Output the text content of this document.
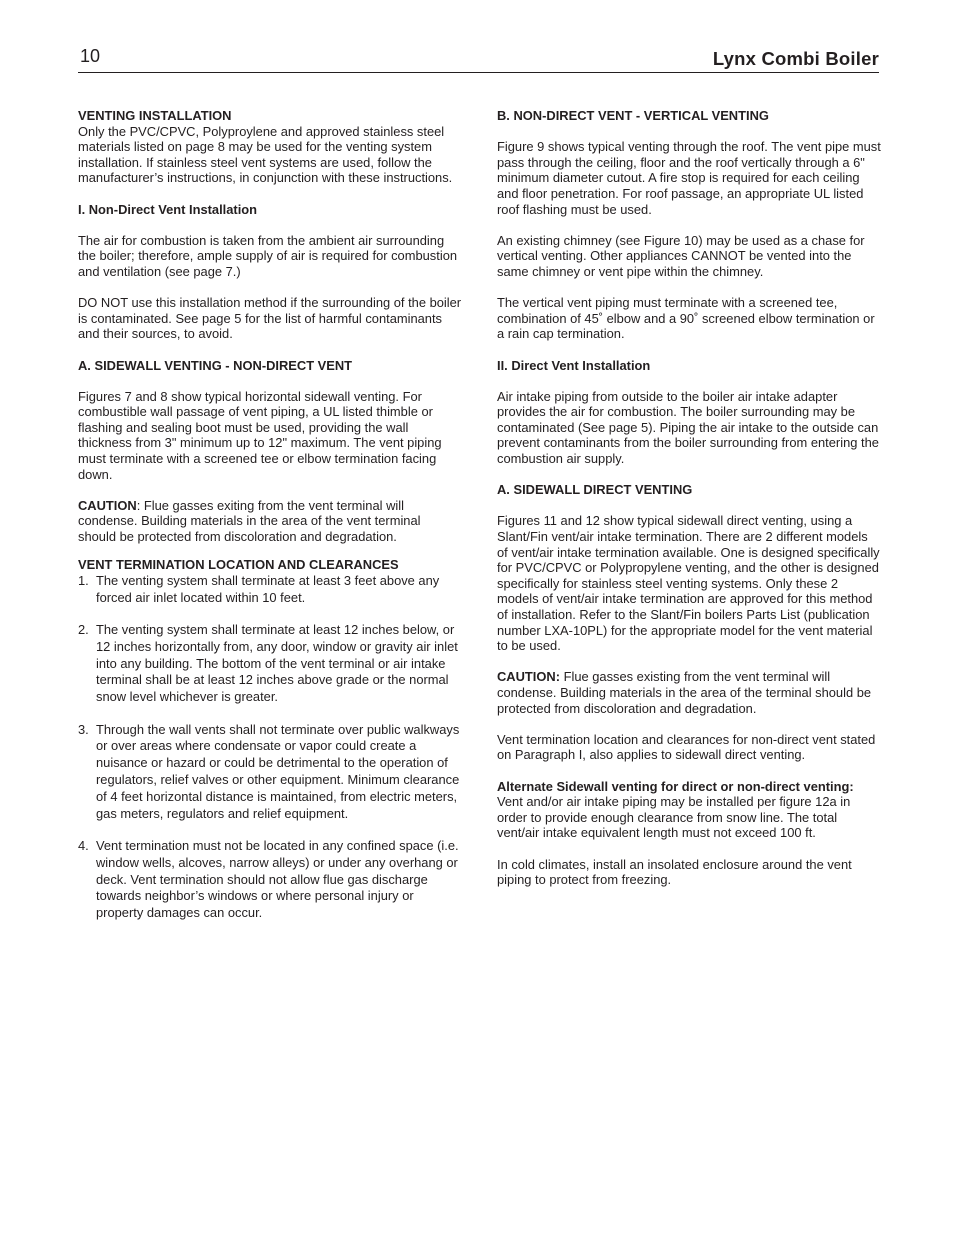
10	Lynx Combi Boiler
VENTING INSTALLATION

Only the PVC/CPVC, Polyproylene and approved stainless steel materials listed on page 8 may be used for the venting system installation. If stainless steel vent systems are used, follow the manufacturer’s instructions, in conjunction with these instructions.

I. Non-Direct Vent Installation

The air for combustion is taken from the ambient air surrounding the boiler; therefore, ample supply of air is required for combustion and ventilation (see page 7.)

DO NOT use this installation method if the surrounding of the boiler is contaminated. See page 5 for the list of harmful contaminants and their sources, to avoid.

A. SIDEWALL VENTING - NON-DIRECT VENT

Figures 7 and 8 show typical horizontal sidewall venting. For combustible wall passage of vent piping, a UL listed thimble or flashing and sealing boot must be used, providing the wall thickness from 3" minimum up to 12" maximum. The vent piping must terminate with a screened tee or elbow termination facing down.

CAUTION: Flue gasses exiting from the vent terminal will condense. Building materials in the area of the vent terminal should be protected from discoloration and degradation.

VENT TERMINATION LOCATION AND CLEARANCES
1. The venting system shall terminate at least 3 feet above any forced air inlet located within 10 feet.
2. The venting system shall terminate at least 12 inches below, or 12 inches horizontally from, any door, window or gravity air inlet into any building. The bottom of the vent terminal or air intake terminal shall be at least 12 inches above grade or the normal snow level whichever is greater.
3. Through the wall vents shall not terminate over public walkways or over areas where condensate or vapor could create a nuisance or hazard or could be detrimental to the operation of regulators, relief valves or other equipment. Minimum clearance of 4 feet horizontal distance is maintained, from electric meters, gas meters, regulators and relief equipment.
4. Vent termination must not be located in any confined space (i.e. window wells, alcoves, narrow alleys) or under any overhang or deck. Vent termination should not allow flue gas discharge towards neighbor’s windows or where personal injury or property damages can occur.

B. NON-DIRECT VENT - VERTICAL VENTING

Figure 9 shows typical venting through the roof. The vent pipe must pass through the ceiling, floor and the roof vertically through a 6" minimum diameter cutout. A fire stop is required for each ceiling and floor penetration. For roof passage, an appropriate UL listed roof flashing must be used.

An existing chimney (see Figure 10) may be used as a chase for vertical venting. Other appliances CANNOT be vented into the same chimney or vent pipe within the chimney.

The vertical vent piping must terminate with a screened tee, combination of 45˚ elbow and a 90˚ screened elbow termination or a rain cap termination.

II. Direct Vent Installation

Air intake piping from outside to the boiler air intake adapter provides the air for combustion. The boiler surrounding may be contaminated (See page 5). Piping the air intake to the outside can prevent contaminants from the boiler surrounding from entering the combustion air supply.

A. SIDEWALL DIRECT VENTING

Figures 11 and 12 show typical sidewall direct venting, using a Slant/Fin vent/air intake termination. There are 2 different models of vent/air intake termination available. One is designed specifically for PVC/CPVC or Polypropylene venting, and the other is designed specifically for stainless steel venting systems. Only these 2 models of vent/air intake termination are approved for this method of installation. Refer to the Slant/Fin boilers Parts List (publication number LXA-10PL) for the appropriate model for the vent material to be used.

CAUTION: Flue gasses existing from the vent terminal will condense. Building materials in the area of the terminal should be protected from discoloration and degradation.

Vent termination location and clearances for non-direct vent stated on Paragraph I, also applies to sidewall direct venting.

Alternate Sidewall venting for direct or non-direct venting:

Vent and/or air intake piping may be installed per figure 12a in order to provide enough clearance from snow line. The total vent/air intake equivalent length must not exceed 100 ft.

In cold climates, install an insolated enclosure around the vent piping to protect from freezing.
